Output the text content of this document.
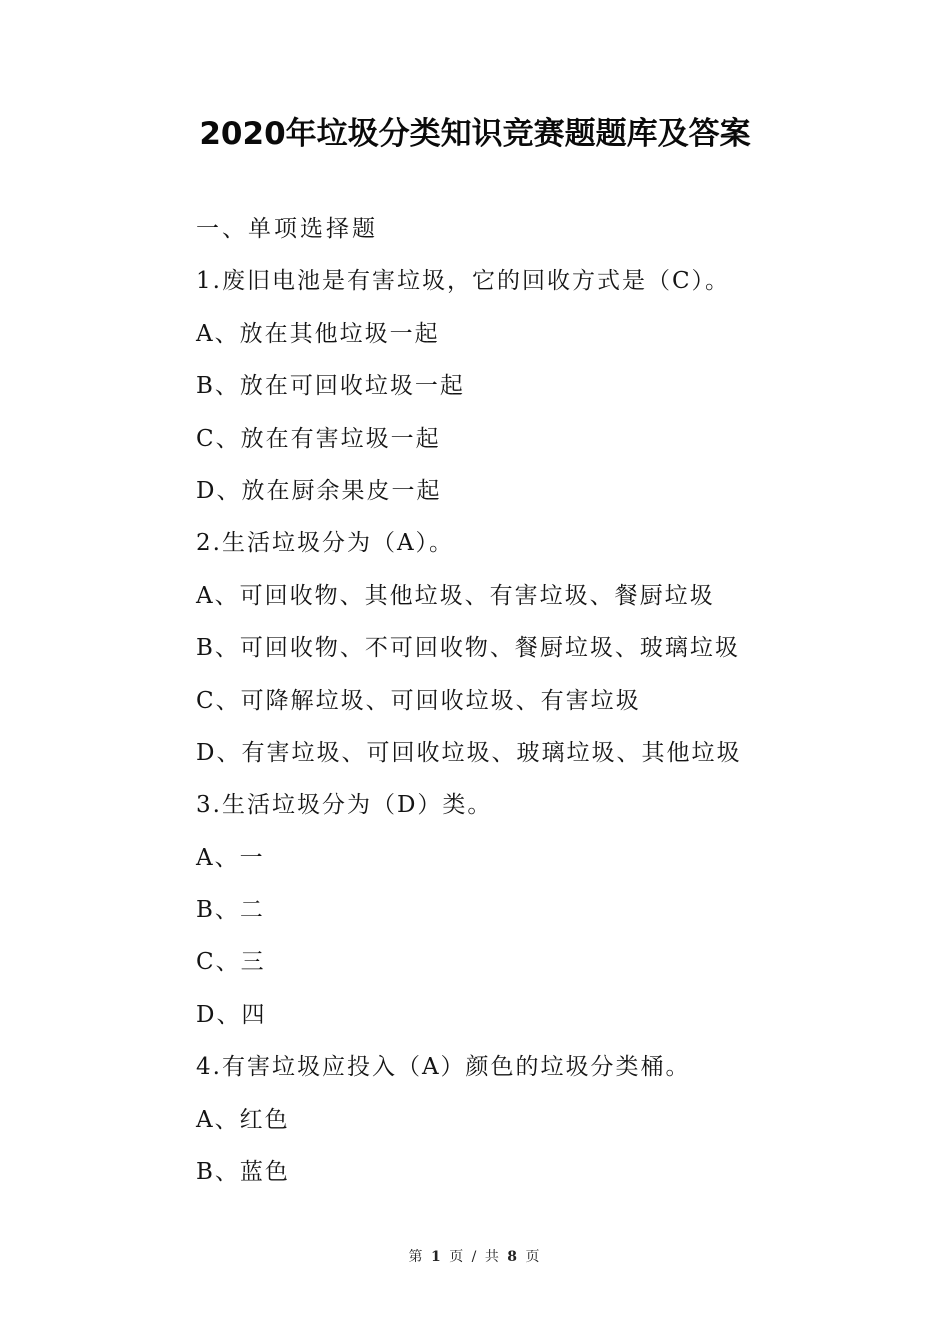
2020年垃圾分类知识竞赛题题库及答案
一、单项选择题
1.废旧电池是有害垃圾，它的回收方式是（C）。
A、放在其他垃圾一起
B、放在可回收垃圾一起
C、放在有害垃圾一起
D、放在厨余果皮一起
2.生活垃圾分为（A）。
A、可回收物、其他垃圾、有害垃圾、餐厨垃圾
B、可回收物、不可回收物、餐厨垃圾、玻璃垃圾
C、可降解垃圾、可回收垃圾、有害垃圾
D、有害垃圾、可回收垃圾、玻璃垃圾、其他垃圾
3.生活垃圾分为（D）类。
A、一
B、二
C、三
D、四
4.有害垃圾应投入（A）颜色的垃圾分类桶。
A、红色
B、蓝色
第 1 页 / 共 8 页
